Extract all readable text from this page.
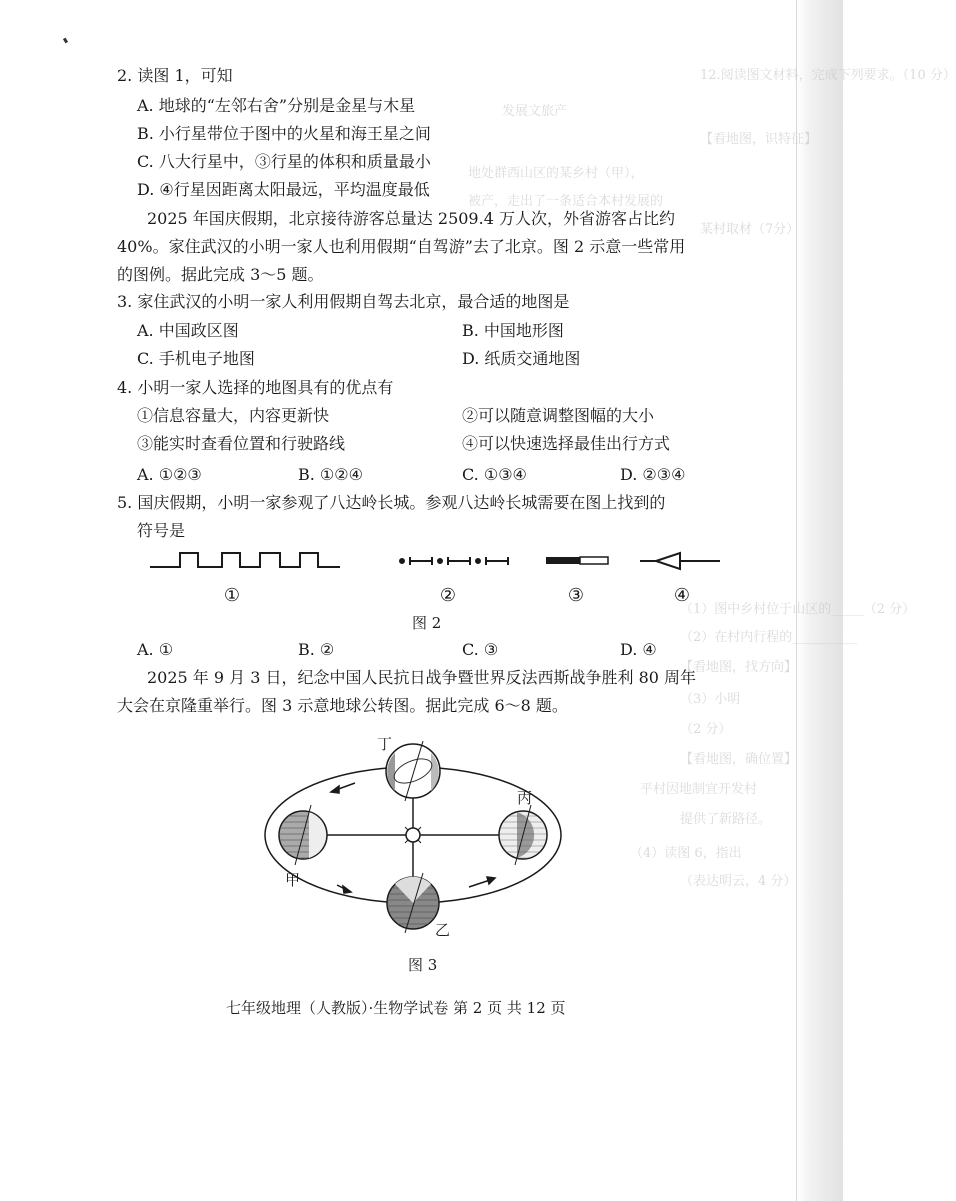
12.阅读图文材料，完成下列要求。（10 分）
发展文旅产
【看地图，识特征】
地处群西山区的某乡村（甲），
被产，走出了一条适合本村发展的
某村取材（7分）
（1）图中乡村位于山区的_____（2 分）
（2）在村内行程的__________
【看地图，找方向】
（3）小明
（2 分）
【看地图，确位置】
平村因地制宜开发村
提供了新路径。
（4）读图 6，指出
（表达明云，4 分）
2. 读图 1，可知
A. 地球的“左邻右舍”分别是金星与木星
B. 小行星带位于图中的火星和海王星之间
C. 八大行星中，③行星的体积和质量最小
D. ④行星因距离太阳最远，平均温度最低
2025 年国庆假期，北京接待游客总量达 2509.4 万人次，外省游客占比约
40%。家住武汉的小明一家人也利用假期“自驾游”去了北京。图 2 示意一些常用
的图例。据此完成 3～5 题。
3. 家住武汉的小明一家人利用假期自驾去北京，最合适的地图是
A. 中国政区图	B. 中国地形图
C. 手机电子地图	D. 纸质交通地图
4. 小明一家人选择的地图具有的优点有
①信息容量大，内容更新快	②可以随意调整图幅的大小
③能实时查看位置和行驶路线	④可以快速选择最佳出行方式
A. ①②③	B. ①②④	C. ①③④	D. ②③④
5. 国庆假期，小明一家参观了八达岭长城。参观八达岭长城需要在图上找到的
符号是
①	②	③	④
图 2
A. ①	B. ②	C. ③	D. ④
2025 年 9 月 3 日，纪念中国人民抗日战争暨世界反法西斯战争胜利 80 周年
大会在京隆重举行。图 3 示意地球公转图。据此完成 6～8 题。
丁
丙
甲
乙
图 3
七年级地理（人教版）·生物学试卷 第 2 页 共 12 页
